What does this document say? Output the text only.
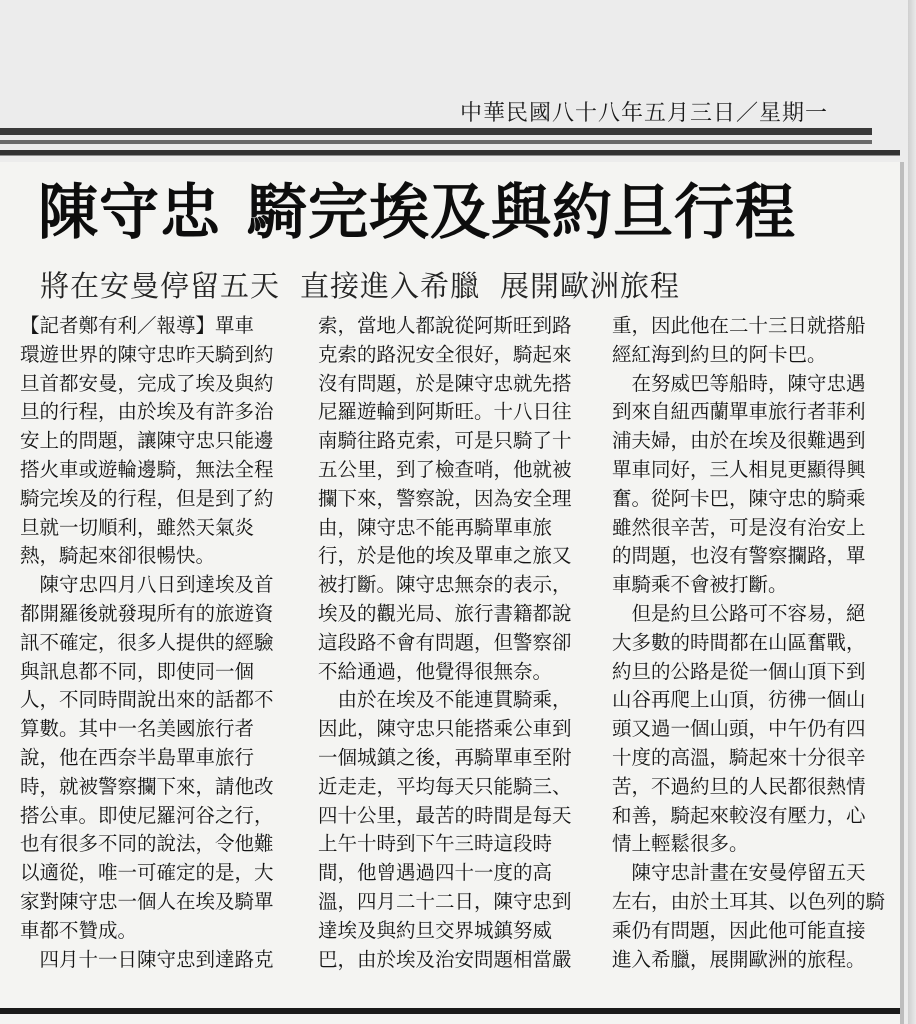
中華民國八十八年五月三日／星期一
陳守忠 騎完埃及與約旦行程
將在安曼停留五天 直接進入希臘 展開歐洲旅程
【記者鄭有利／報導】單車
環遊世界的陳守忠昨天騎到約
旦首都安曼，完成了埃及與約
旦的行程，由於埃及有許多治
安上的問題，讓陳守忠只能邊
搭火車或遊輪邊騎，無法全程
騎完埃及的行程，但是到了約
旦就一切順利，雖然天氣炎
熱，騎起來卻很暢快。
　陳守忠四月八日到達埃及首
都開羅後就發現所有的旅遊資
訊不確定，很多人提供的經驗
與訊息都不同，即使同一個
人，不同時間說出來的話都不
算數。其中一名美國旅行者
說，他在西奈半島單車旅行
時，就被警察攔下來，請他改
搭公車。即使尼羅河谷之行，
也有很多不同的說法，令他難
以適從，唯一可確定的是，大
家對陳守忠一個人在埃及騎單
車都不贊成。
　四月十一日陳守忠到達路克
索，當地人都說從阿斯旺到路
克索的路況安全很好，騎起來
沒有問題，於是陳守忠就先搭
尼羅遊輪到阿斯旺。十八日往
南騎往路克索，可是只騎了十
五公里，到了檢查哨，他就被
攔下來，警察說，因為安全理
由，陳守忠不能再騎單車旅
行，於是他的埃及單車之旅又
被打斷。陳守忠無奈的表示，
埃及的觀光局、旅行書籍都說
這段路不會有問題，但警察卻
不給通過，他覺得很無奈。
　由於在埃及不能連貫騎乘，
因此，陳守忠只能搭乘公車到
一個城鎮之後，再騎單車至附
近走走，平均每天只能騎三、
四十公里，最苦的時間是每天
上午十時到下午三時這段時
間，他曾遇過四十一度的高
溫，四月二十二日，陳守忠到
達埃及與約旦交界城鎮努威
巴，由於埃及治安問題相當嚴
重，因此他在二十三日就搭船
經紅海到約旦的阿卡巴。
　在努威巴等船時，陳守忠遇
到來自紐西蘭單車旅行者菲利
浦夫婦，由於在埃及很難遇到
單車同好，三人相見更顯得興
奮。從阿卡巴，陳守忠的騎乘
雖然很辛苦，可是沒有治安上
的問題，也沒有警察攔路，單
車騎乘不會被打斷。
　但是約旦公路可不容易，絕
大多數的時間都在山區奮戰，
約旦的公路是從一個山頂下到
山谷再爬上山頂，彷彿一個山
頭又過一個山頭，中午仍有四
十度的高溫，騎起來十分很辛
苦，不過約旦的人民都很熱情
和善，騎起來較沒有壓力，心
情上輕鬆很多。
　陳守忠計畫在安曼停留五天
左右，由於土耳其、以色列的騎
乘仍有問題，因此他可能直接
進入希臘，展開歐洲的旅程。
